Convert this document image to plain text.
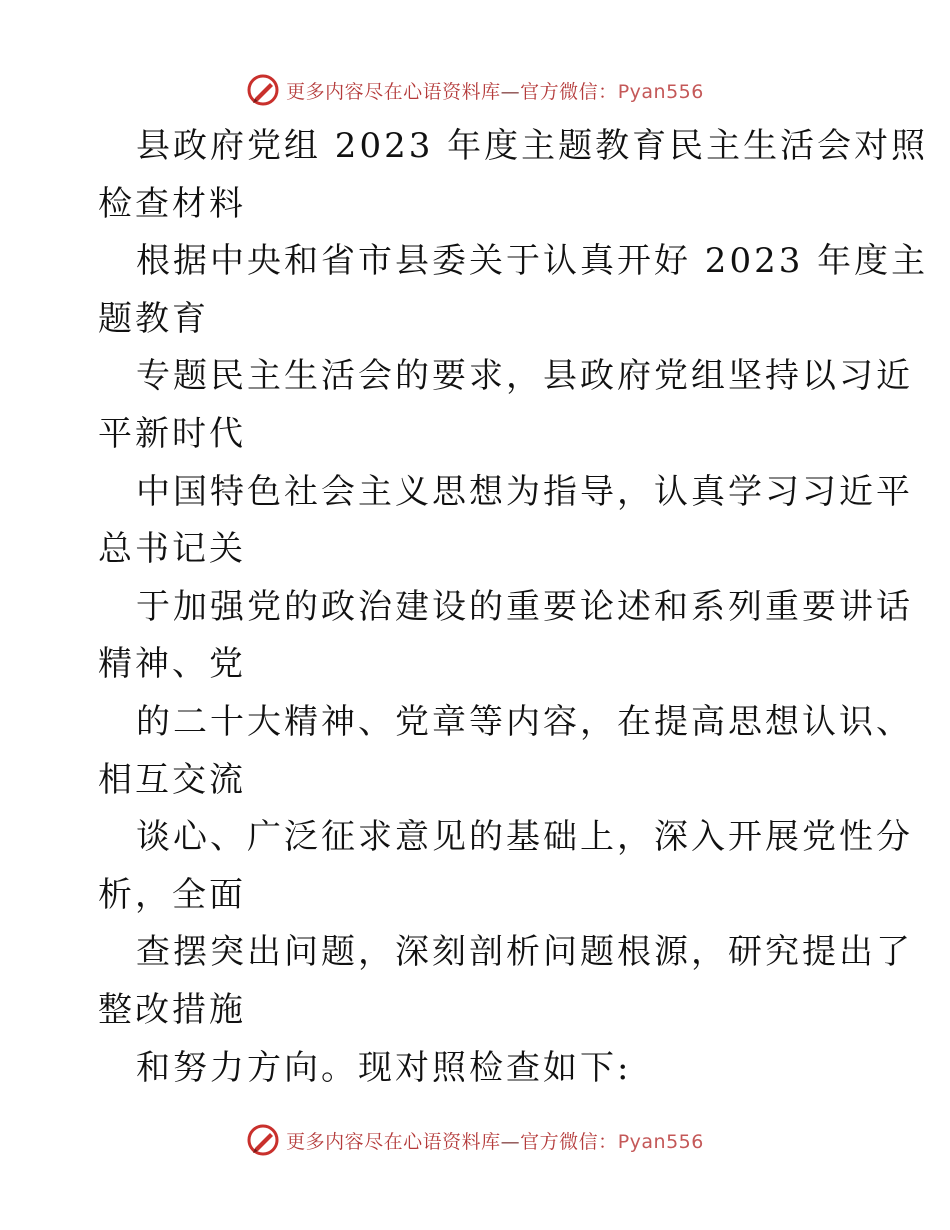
更多内容尽在心语资料库—官方微信：Pyan556
县政府党组 2023 年度主题教育民主生活会对照
检查材料
根据中央和省市县委关于认真开好 2023 年度主
题教育
专题民主生活会的要求，县政府党组坚持以习近
平新时代
中国特色社会主义思想为指导，认真学习习近平
总书记关
于加强党的政治建设的重要论述和系列重要讲话
精神、党
的二十大精神、党章等内容，在提高思想认识、
相互交流
谈心、广泛征求意见的基础上，深入开展党性分
析，全面
查摆突出问题，深刻剖析问题根源，研究提出了
整改措施
和努力方向。现对照检查如下:
更多内容尽在心语资料库—官方微信：Pyan556
